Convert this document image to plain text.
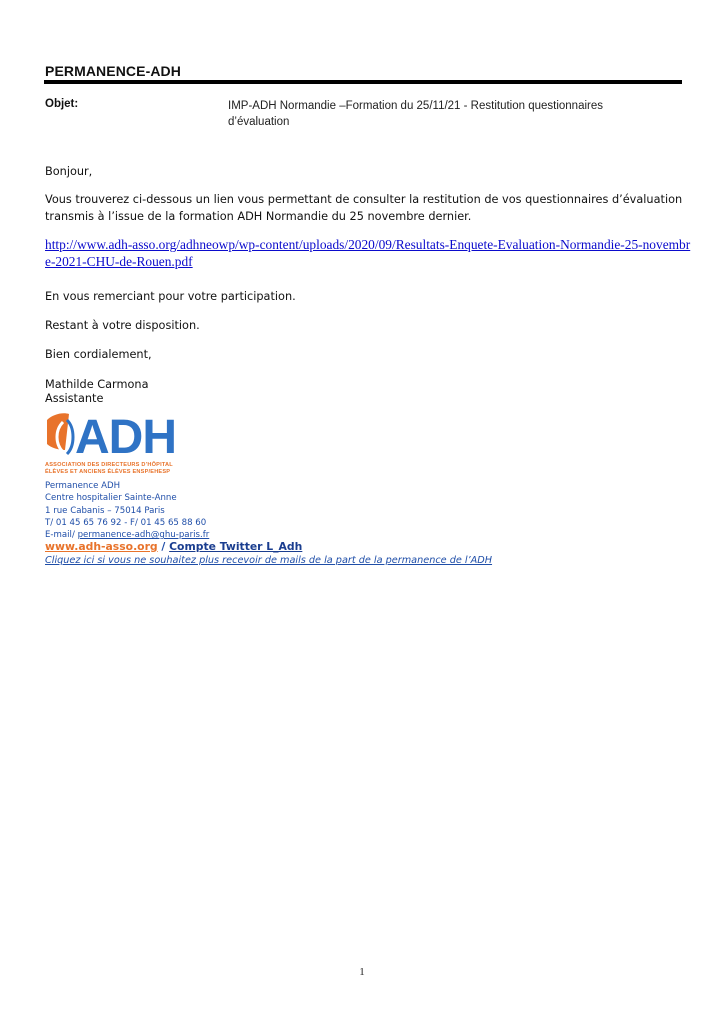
PERMANENCE-ADH
Objet:	IMP-ADH Normandie –Formation du 25/11/21 - Restitution questionnaires d’évaluation
Bonjour,
Vous trouverez ci-dessous un lien vous permettant de consulter la restitution de vos questionnaires d’évaluation transmis à l’issue de la formation ADH Normandie du 25 novembre dernier.
http://www.adh-asso.org/adhneowp/wp-content/uploads/2020/09/Resultats-Enquete-Evaluation-Normandie-25-novembre-2021-CHU-de-Rouen.pdf
En vous remerciant pour votre participation.
Restant à votre disposition.
Bien cordialement,
Mathilde Carmona
Assistante
ADH
ASSOCIATION DES DIRECTEURS D’HÔPITAL
ÉLÈVES ET ANCIENS ÉLÈVES ENSP/EHESP
Permanence ADH
Centre hospitalier Sainte-Anne
1 rue Cabanis – 75014 Paris
T/ 01 45 65 76 92 - F/ 01 45 65 88 60
E-mail/ permanence-adh@ghu-paris.fr
www.adh-asso.org / Compte Twitter L_Adh
Cliquez ici si vous ne souhaitez plus recevoir de mails de la part de la permanence de l’ADH
1
